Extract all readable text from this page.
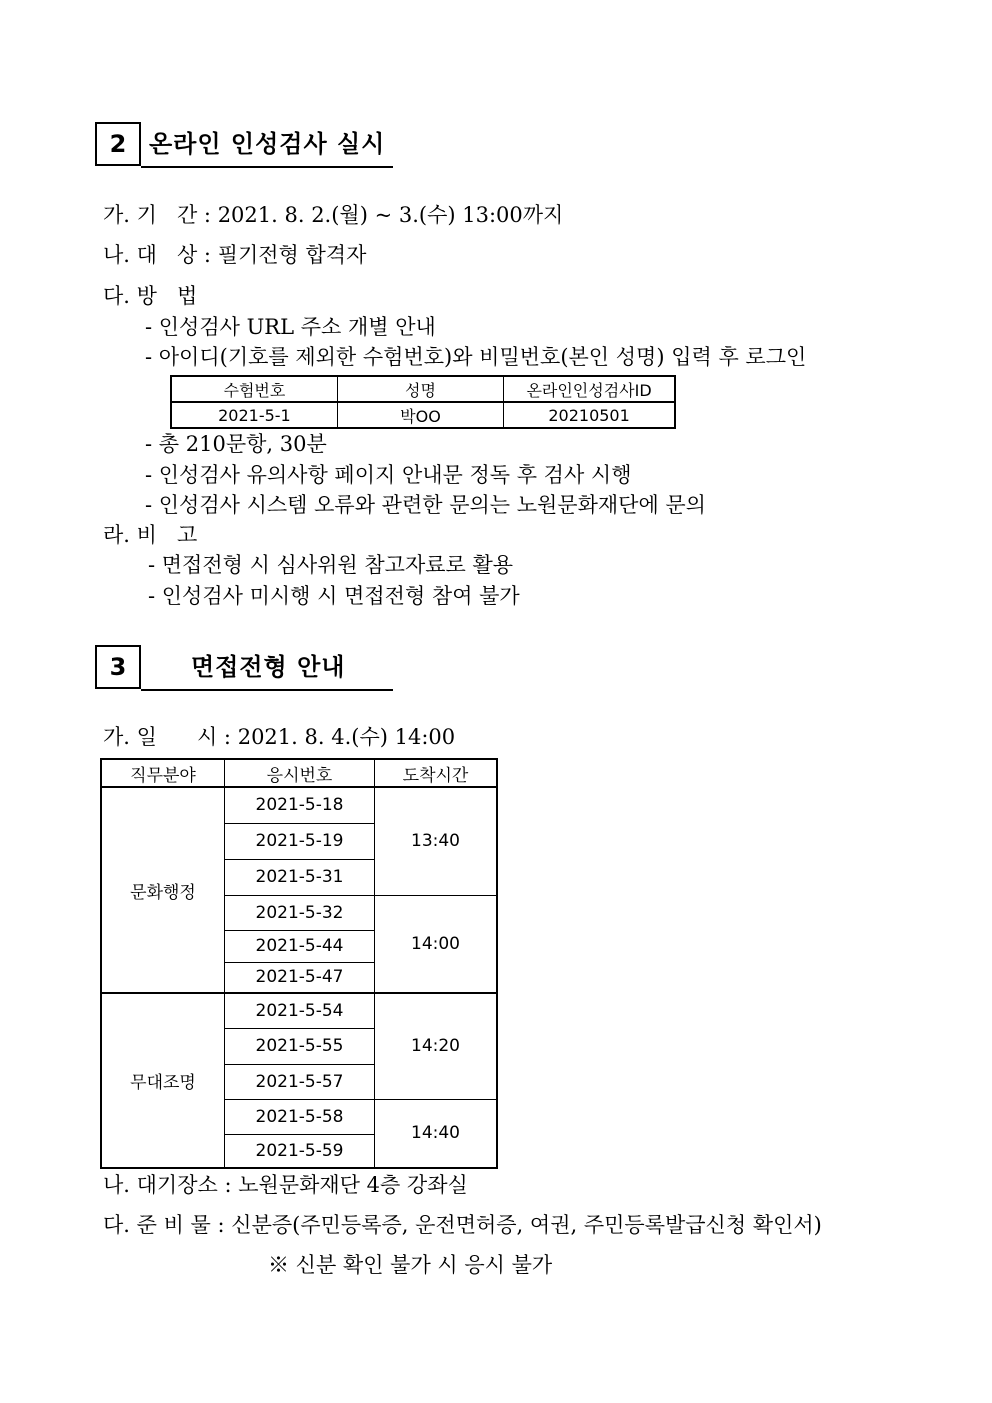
2 온라인 인성검사 실시
가. 기   간 : 2021. 8. 2.(월) ~ 3.(수) 13:00까지
나. 대   상 : 필기전형 합격자
다. 방   법
- 인성검사 URL 주소 개별 안내
- 아이디(기호를 제외한 수험번호)와 비밀번호(본인 성명) 입력 후 로그인
수험번호	성명	온라인인성검사ID
2021-5-1	박OO	20210501
- 총 210문항, 30분
- 인성검사 유의사항 페이지 안내문 정독 후 검사 시행
- 인성검사 시스템 오류와 관련한 문의는 노원문화재단에 문의
라. 비   고
- 면접전형 시 심사위원 참고자료로 활용
- 인성검사 미시행 시 면접전형 참여 불가
3	면접전형 안내
가. 일      시 : 2021. 8. 4.(수) 14:00
직무분야	응시번호	도착시간
문화행정	2021-5-18	13:40
	2021-5-19	
	2021-5-31	
	2021-5-32	14:00
	2021-5-44	
	2021-5-47	
무대조명	2021-5-54	14:20
	2021-5-55	
	2021-5-57	
	2021-5-58	14:40
	2021-5-59	
나. 대기장소 : 노원문화재단 4층 강좌실
다. 준 비 물 : 신분증(주민등록증, 운전면허증, 여권, 주민등록발급신청 확인서)
※ 신분 확인 불가 시 응시 불가
